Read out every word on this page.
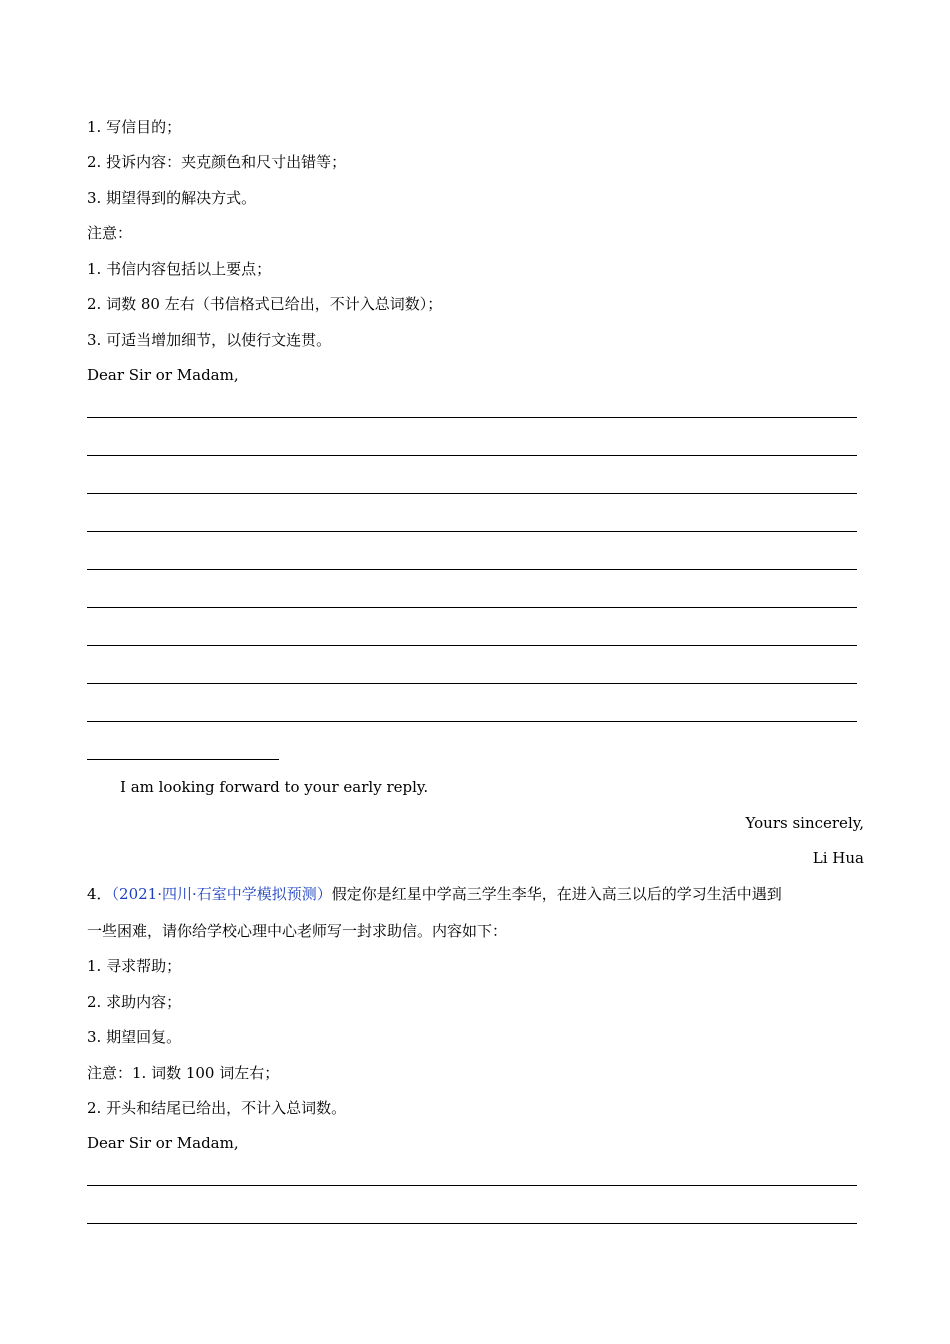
1. 写信目的；
2. 投诉内容：夹克颜色和尺寸出错等；
3. 期望得到的解决方式。
注意：
1. 书信内容包括以上要点；
2. 词数 80 左右（书信格式已给出，不计入总词数）；
3. 可适当增加细节，以使行文连贯。
Dear Sir or Madam,
I am looking forward to your early reply.
Yours sincerely,
Li Hua
4．（2021·四川·石室中学模拟预测）假定你是红星中学高三学生李华，在进入高三以后的学习生活中遇到
一些困难，请你给学校心理中心老师写一封求助信。内容如下：
1. 寻求帮助；
2. 求助内容；
3. 期望回复。
注意：1. 词数 100 词左右；
2. 开头和结尾已给出，不计入总词数。
Dear Sir or Madam,
